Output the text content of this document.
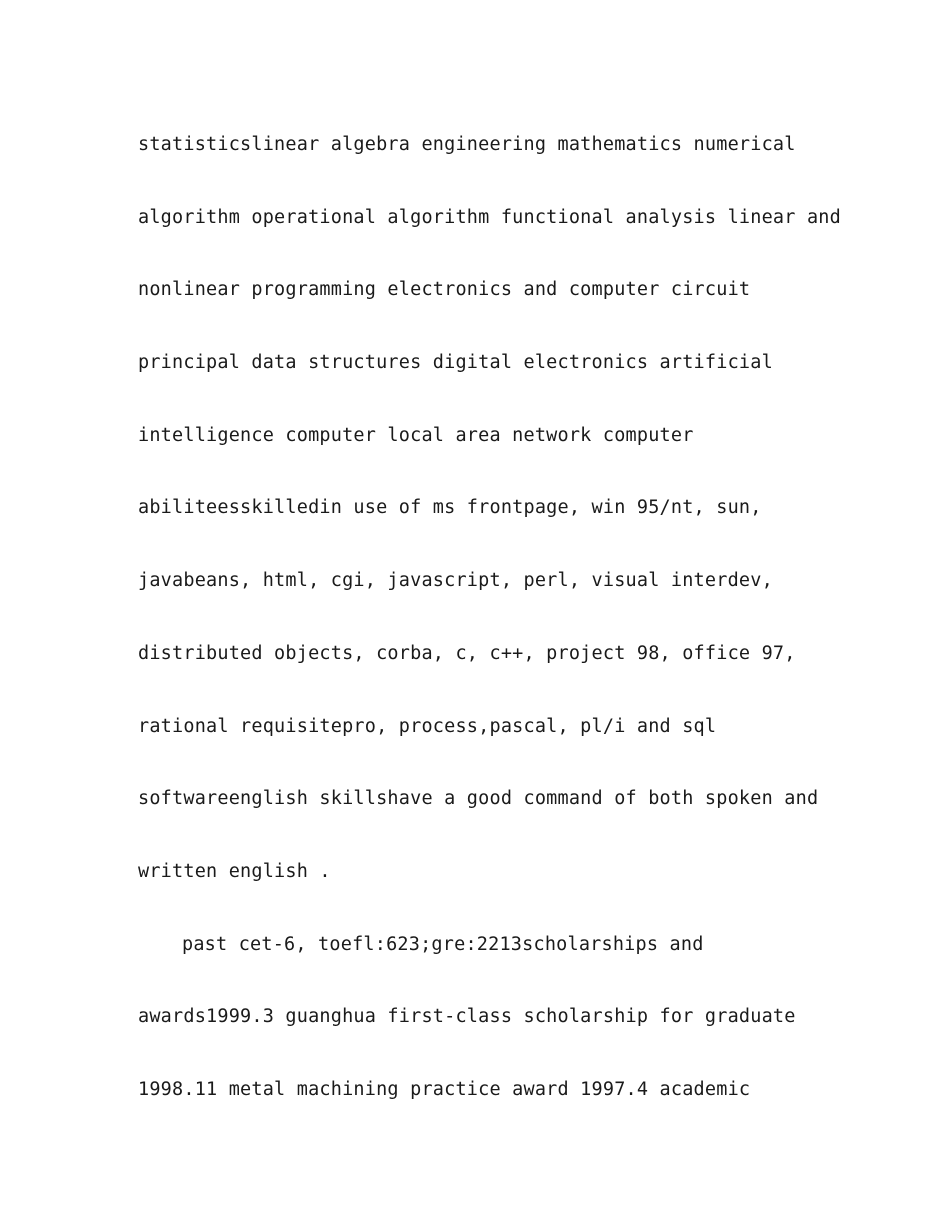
statisticslinear algebra engineering mathematics numerical
algorithm operational algorithm functional analysis linear and
nonlinear programming electronics and computer circuit
principal data structures digital electronics artificial
intelligence computer local area network computer
abiliteesskilledin use of ms frontpage, win 95/nt, sun,
javabeans, html, cgi, javascript, perl, visual interdev,
distributed objects, corba, c, c++, project 98, office 97,
rational requisitepro, process,pascal, pl/i and sql
softwareenglish skillshave a good command of both spoken and
written english .
past cet-6, toefl:623;gre:2213scholarships and
awards1999.3 guanghua first-class scholarship for graduate
1998.11 metal machining practice award 1997.4 academic
